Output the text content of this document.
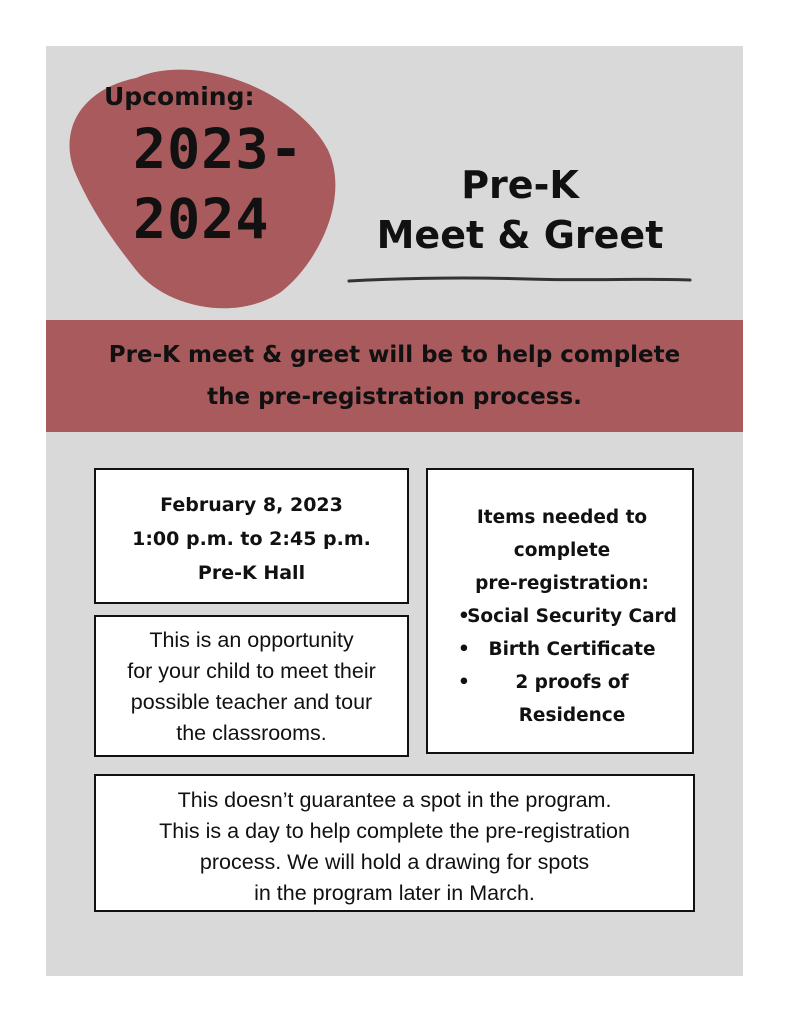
Upcoming:
2023-
2024
Pre-K
Meet & Greet
Pre-K meet & greet will be to help complete
the pre-registration process.
February 8, 2023
1:00 p.m. to 2:45 p.m.
Pre-K Hall
This is an opportunity
for your child to meet their
possible teacher and tour
the classrooms.
Items needed to complete
pre-registration:
•
Social Security Card
• Birth Certificate
• 2 proofs of
Residence
This doesn’t guarantee a spot in the program.
This is a day to help complete the pre-registration
process. We will hold a drawing for spots
in the program later in March.
